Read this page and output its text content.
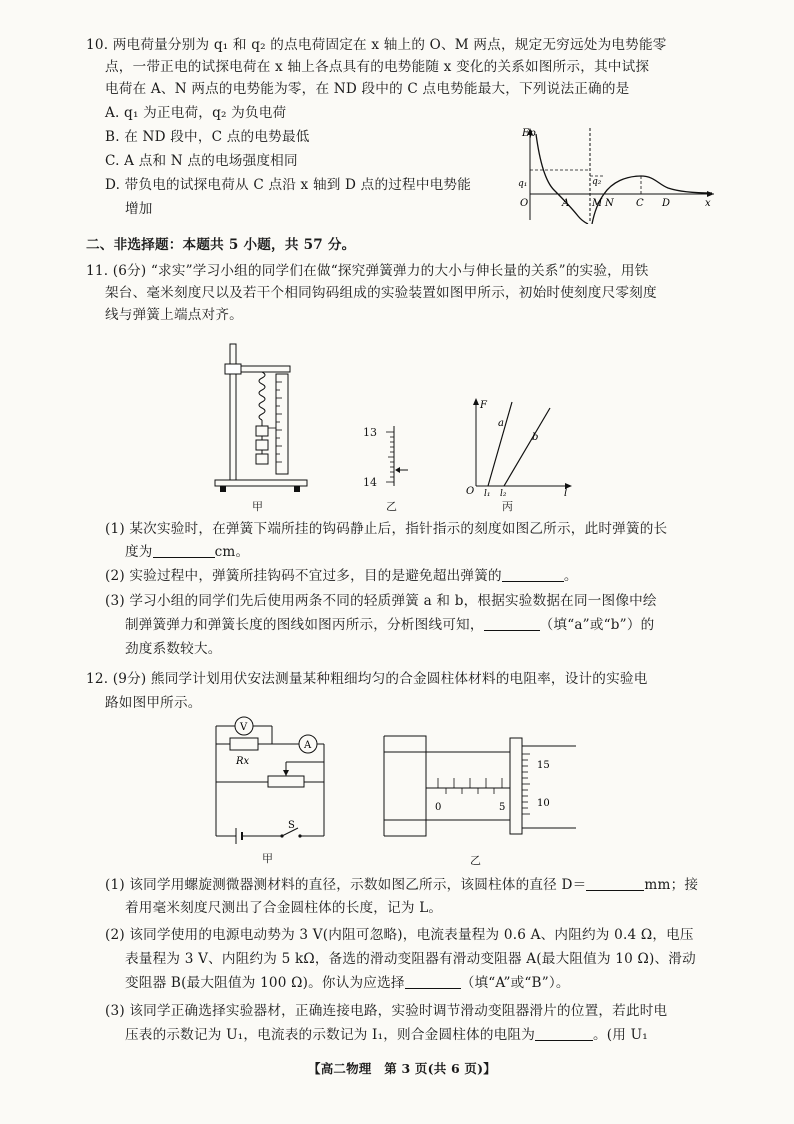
10. 两电荷量分别为 q₁ 和 q₂ 的点电荷固定在 x 轴上的 O、M 两点，规定无穷远处为电势能零
点，一带正电的试探电荷在 x 轴上各点具有的电势能随 x 变化的关系如图所示，其中试探
电荷在 A、N 两点的电势能为零，在 ND 段中的 C 点电势能最大，下列说法正确的是
A. q₁ 为正电荷，q₂ 为负电荷
B. 在 ND 段中，C 点的电势最低
C. A 点和 N 点的电场强度相同
D. 带负电的试探电荷从 C 点沿 x 轴到 D 点的过程中电势能
增加
Ep
q₁	q₂
O	A M N C D	x
二、非选择题：本题共 5 小题，共 57 分。
11. (6分) “求实”学习小组的同学们在做“探究弹簧弹力的大小与伸长量的关系”的实验，用铁
架台、毫米刻度尺以及若干个相同钩码组成的实验装置如图甲所示，初始时使刻度尺零刻度
线与弹簧上端点对齐。
甲
13
14
乙
F
a
b
O l₁ l₂	l
丙
(1) 某次实验时，在弹簧下端所挂的钩码静止后，指针指示的刻度如图乙所示，此时弹簧的长
度为	cm。
(2) 实验过程中，弹簧所挂钩码不宜过多，目的是避免超出弹簧的	。
(3) 学习小组的同学们先后使用两条不同的轻质弹簧 a 和 b，根据实验数据在同一图像中绘
制弹簧弹力和弹簧长度的图线如图丙所示，分析图线可知，	（填“a”或“b”）的
劲度系数较大。
12. (9分) 熊同学计划用伏安法测量某种粗细均匀的合金圆柱体材料的电阻率，设计的实验电
路如图甲所示。
V
A
Rx
S
甲
0	5
15
10
乙
(1) 该同学用螺旋测微器测材料的直径，示数如图乙所示，该圆柱体的直径 D＝	mm；接
着用毫米刻度尺测出了合金圆柱体的长度，记为 L。
(2) 该同学使用的电源电动势为 3 V(内阻可忽略)，电流表量程为 0.6 A、内阻约为 0.4 Ω，电压
表量程为 3 V、内阻约为 5 kΩ，备选的滑动变阻器有滑动变阻器 A(最大阻值为 10 Ω)、滑动
变阻器 B(最大阻值为 100 Ω)。你认为应选择	（填“A”或“B”）。
(3) 该同学正确选择实验器材，正确连接电路，实验时调节滑动变阻器滑片的位置，若此时电
压表的示数记为 U₁，电流表的示数记为 I₁，则合金圆柱体的电阻为	。(用 U₁
【高二物理　第 3 页(共 6 页)】
